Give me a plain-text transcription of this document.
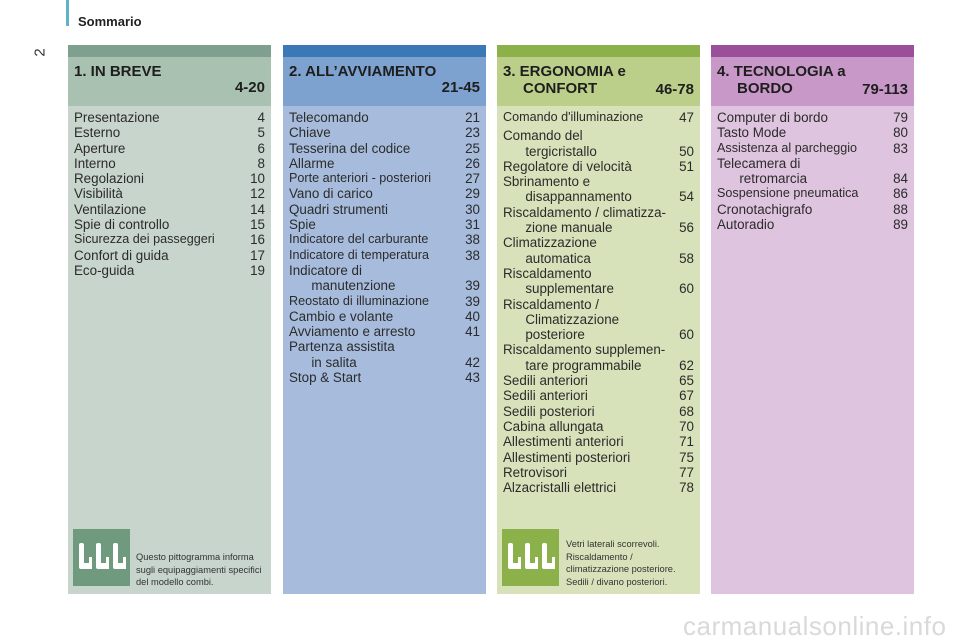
2
Sommario
1. IN BREVE
4-20
Presentazione	4
Esterno	5
Aperture	6
Interno	8
Regolazioni	10
Visibilità	12
Ventilazione	14
Spie di controllo	15
Sicurezza dei passeggeri	16
Confort di guida	17
Eco-guida	19
Questo pittogramma informa sugli equipaggiamenti specifici del modello combi.
2. ALL’AVVIAMENTO
21-45
Telecomando	21
Chiave	23
Tesserina del codice	25
Allarme	26
Porte anteriori - posteriori	27
Vano di carico	29
Quadri strumenti	30
Spie	31
Indicatore del carburante	38
Indicatore di temperatura	38
Indicatore di
manutenzione	39
Reostato di illuminazione	39
Cambio e volante	40
Avviamento e arresto	41
Partenza assistita
in salita	42
Stop & Start	43
3. ERGONOMIA e
CONFORT	46-78
Comando d'illuminazione	47
Comando del
tergicristallo	50
Regolatore di velocità	51
Sbrinamento e
disappannamento	54
Riscaldamento / climatizza-
zione manuale	56
Climatizzazione
automatica	58
Riscaldamento
supplementare	60
Riscaldamento /
Climatizzazione
posteriore	60
Riscaldamento supplemen-
tare programmabile	62
Sedili anteriori	65
Sedili anteriori	67
Sedili posteriori	68
Cabina allungata	70
Allestimenti anteriori	71
Allestimenti posteriori	75
Retrovisori	77
Alzacristalli elettrici	78
Vetri laterali scorrevoli. Riscaldamento / climatizzazione posteriore. Sedili / divano posteriori.
4. TECNOLOGIA a
BORDO	79-113
Computer di bordo	79
Tasto Mode	80
Assistenza al parcheggio	83
Telecamera di
retromarcia	84
Sospensione pneumatica	86
Cronotachigrafo	88
Autoradio	89
carmanualsonline.info
